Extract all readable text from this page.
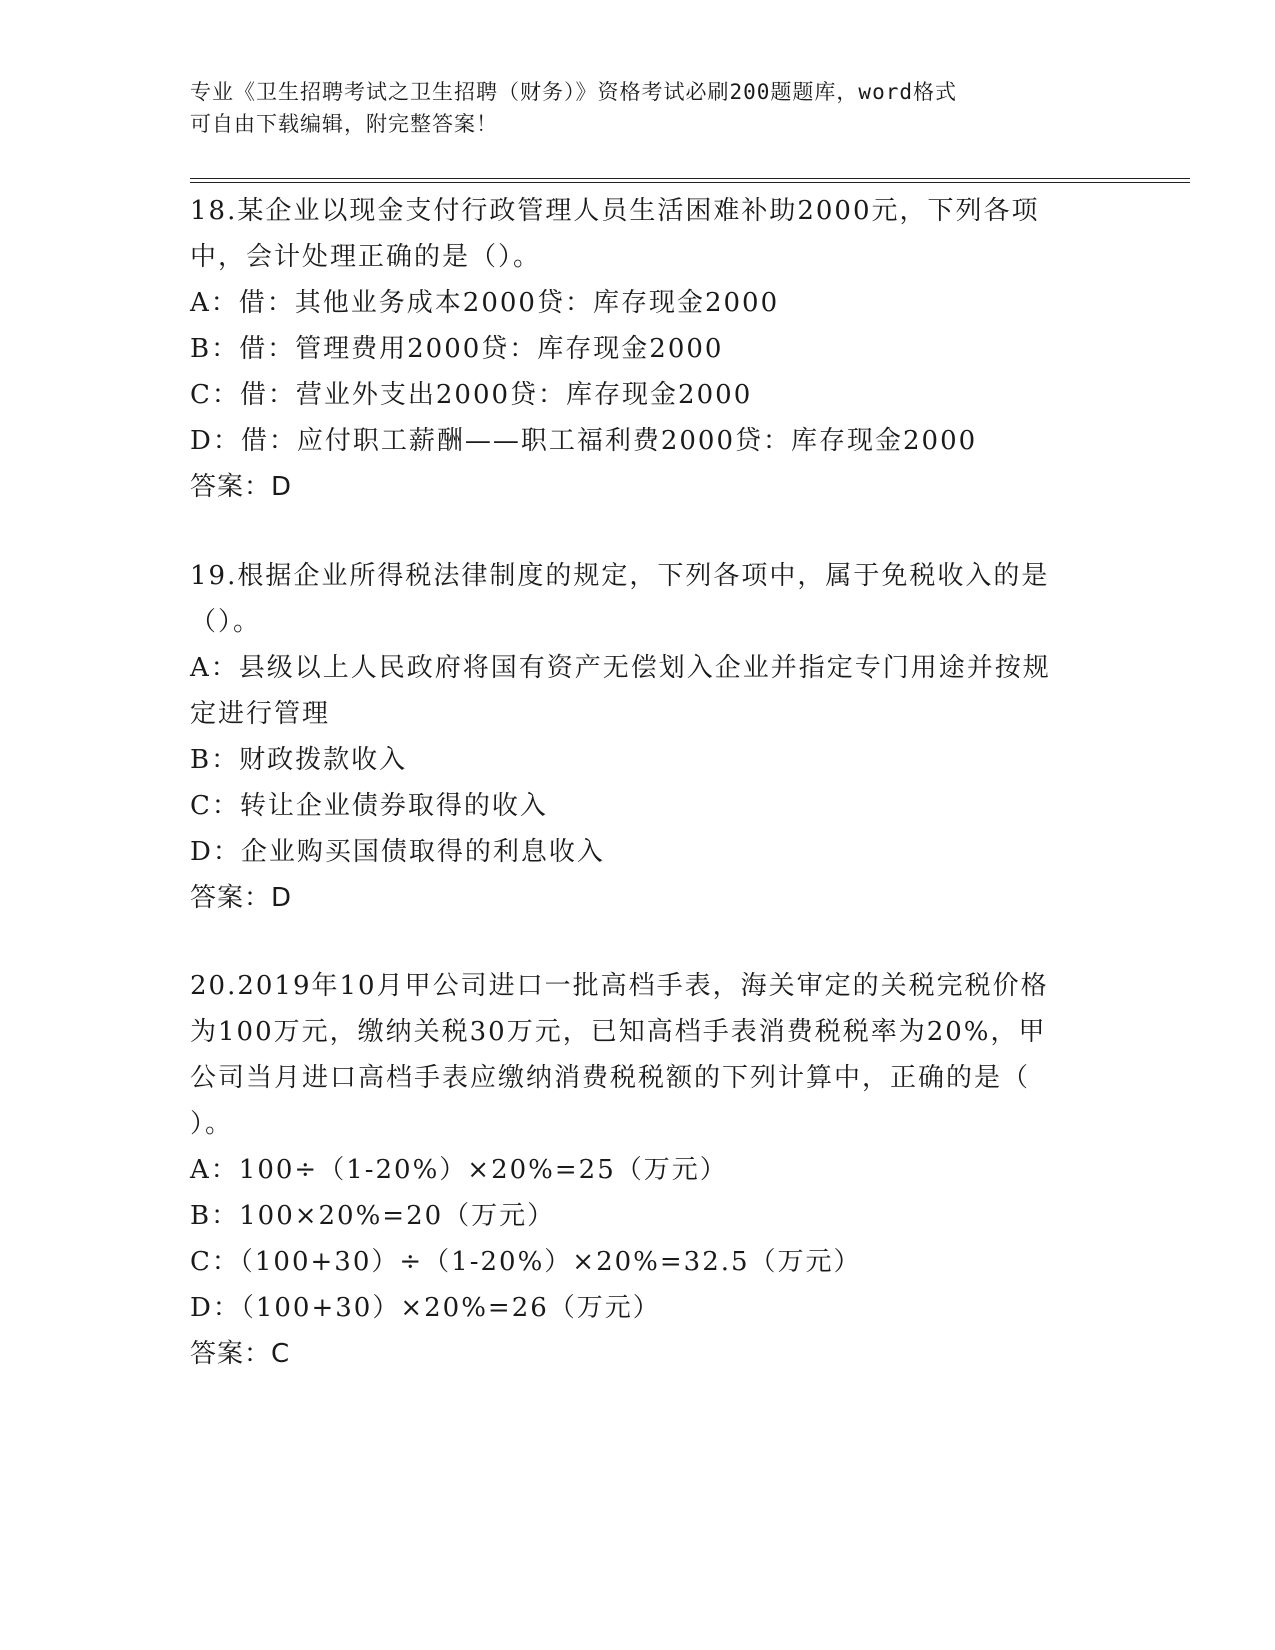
专业《卫生招聘考试之卫生招聘（财务）》资格考试必刷200题题库，word格式
可自由下载编辑，附完整答案！
18.某企业以现金支付行政管理人员生活困难补助2000元，下列各项
中，会计处理正确的是（）。
A：借：其他业务成本2000贷：库存现金2000
B：借：管理费用2000贷：库存现金2000
C：借：营业外支出2000贷：库存现金2000
D：借：应付职工薪酬——职工福利费2000贷：库存现金2000
答案：D
19.根据企业所得税法律制度的规定，下列各项中，属于免税收入的是
（）。
A：县级以上人民政府将国有资产无偿划入企业并指定专门用途并按规
定进行管理
B：财政拨款收入
C：转让企业债券取得的收入
D：企业购买国债取得的利息收入
答案：D
20.2019年10月甲公司进口一批高档手表，海关审定的关税完税价格
为100万元，缴纳关税30万元，已知高档手表消费税税率为20%，甲
公司当月进口高档手表应缴纳消费税税额的下列计算中，正确的是（
）。
A：100÷（1-20%）×20%=25（万元）
B：100×20%=20（万元）
C：（100+30）÷（1-20%）×20%=32.5（万元）
D：（100+30）×20%=26（万元）
答案：C
